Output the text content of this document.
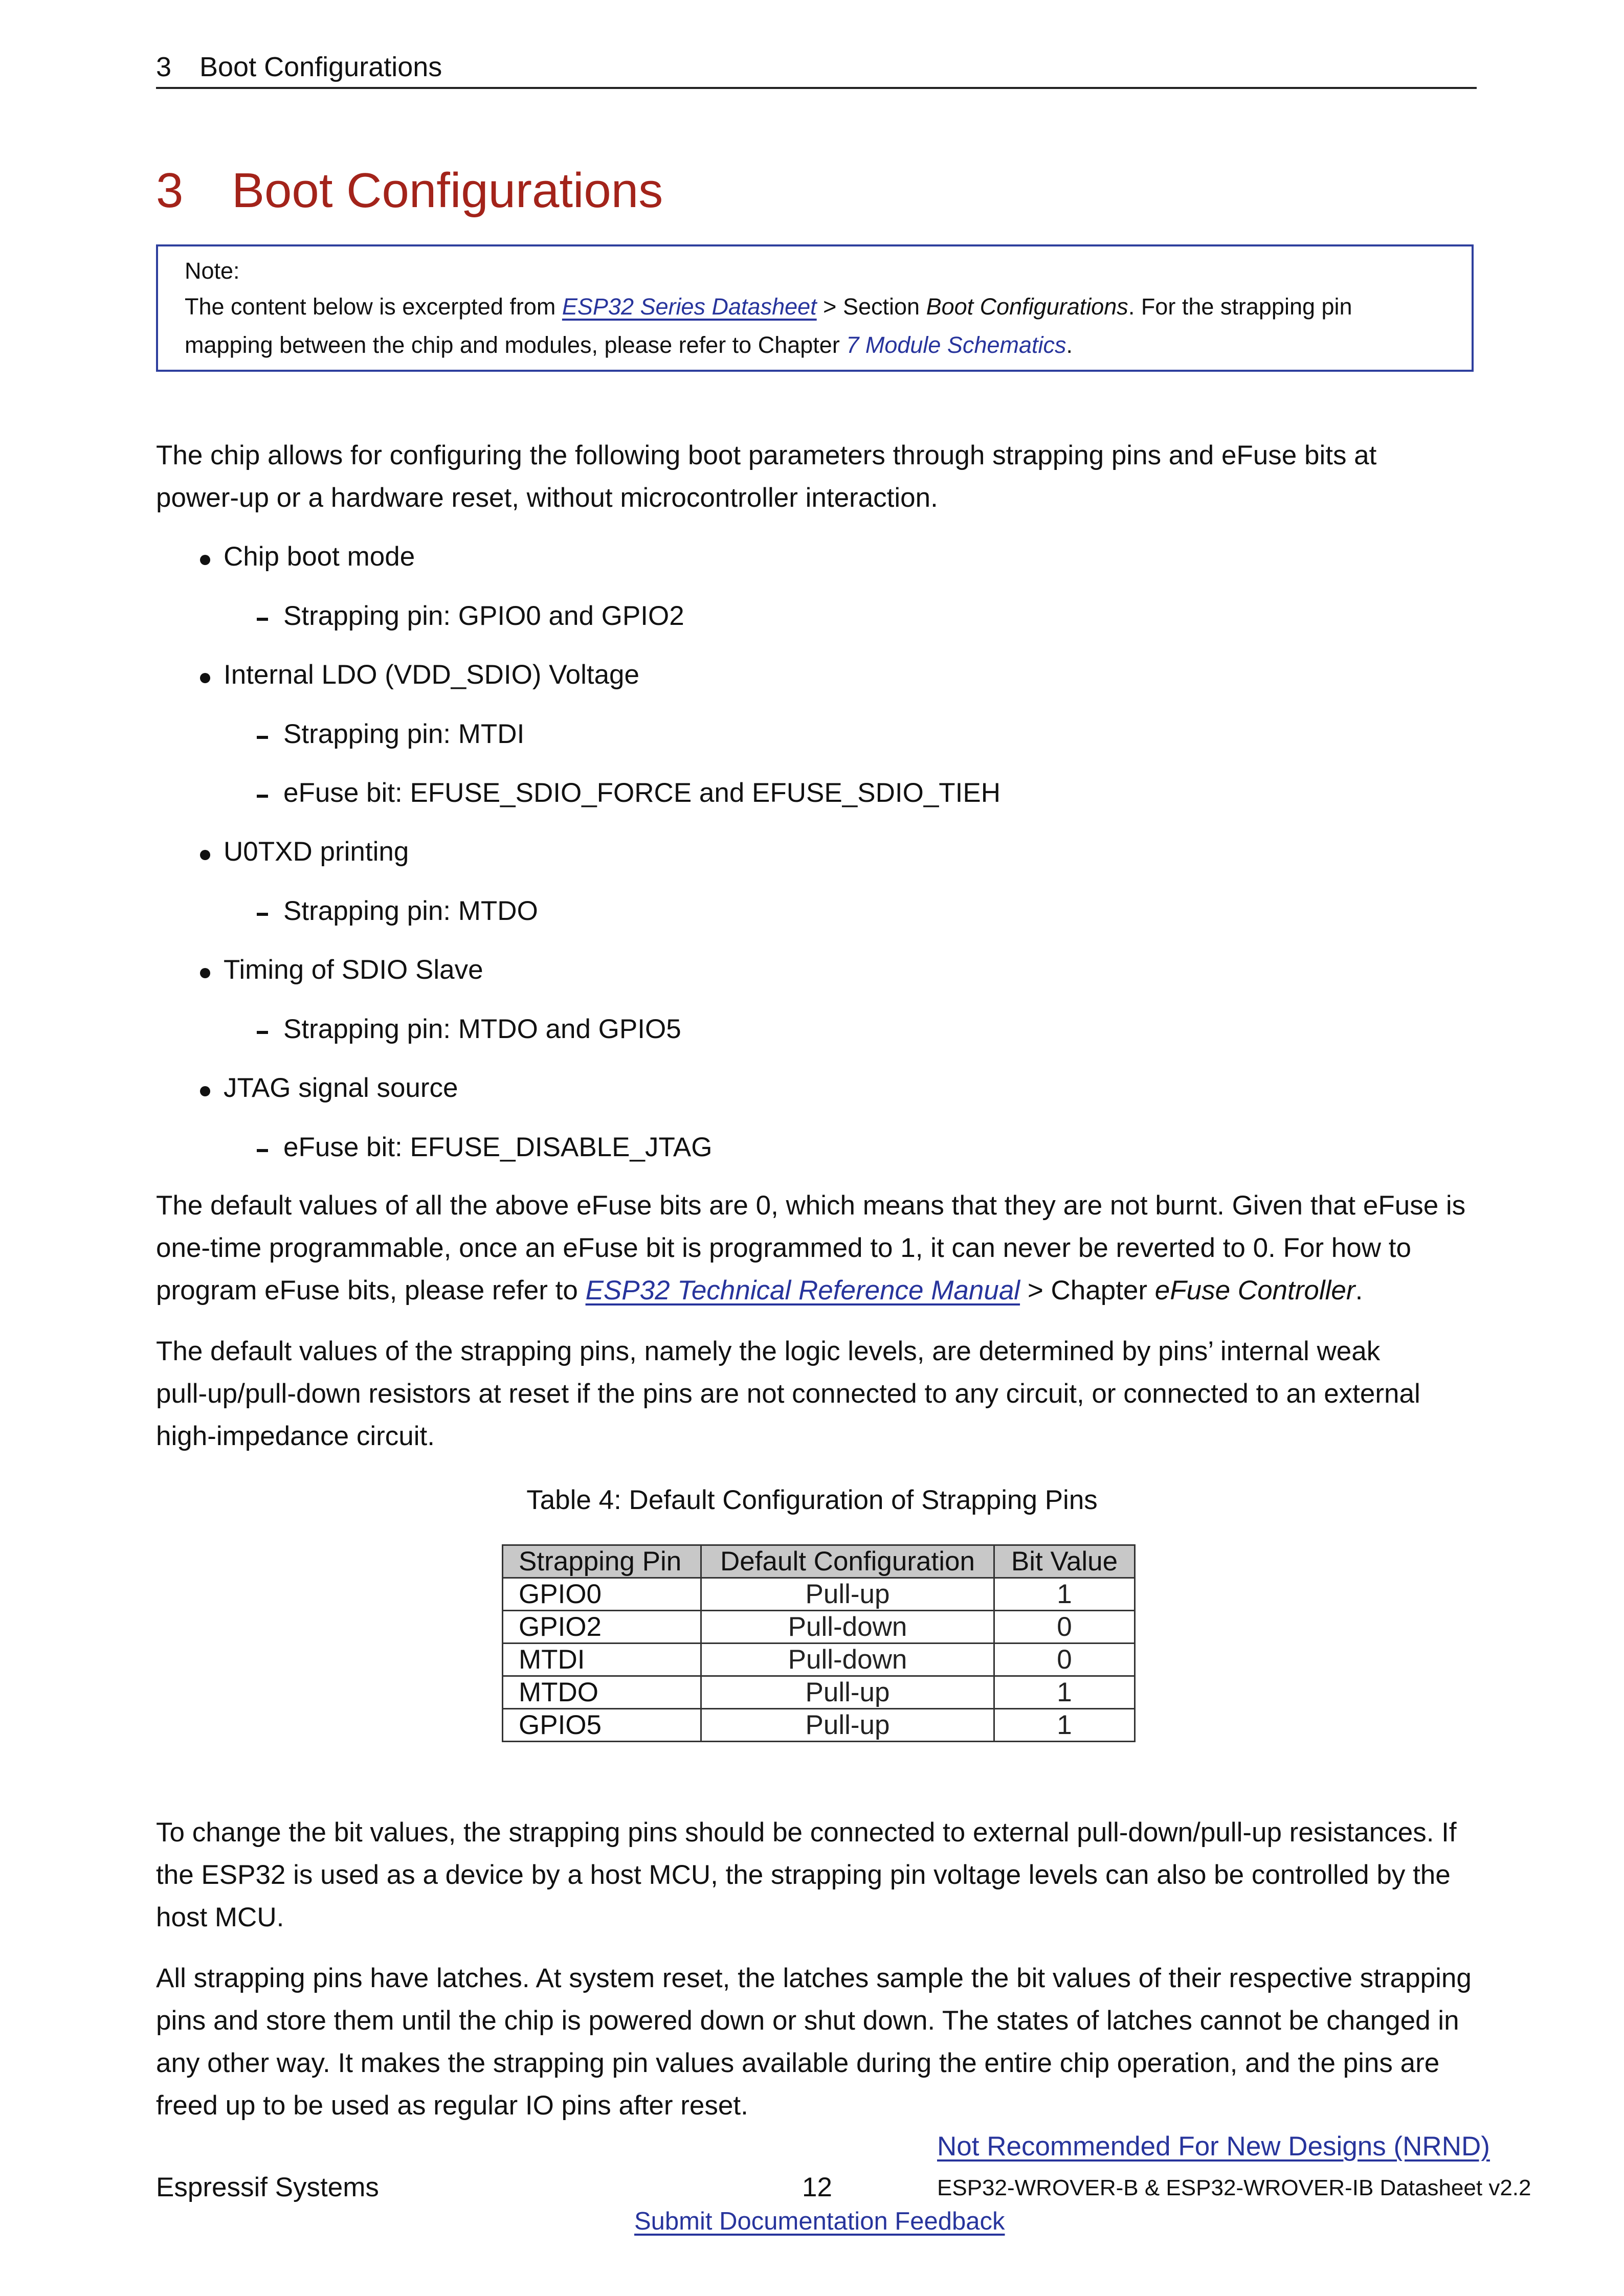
3 Boot Configurations
3 Boot Configurations
Note:
The content below is excerpted from ESP32 Series Datasheet > Section Boot Configurations. For the strapping pin
mapping between the chip and modules, please refer to Chapter 7 Module Schematics.
The chip allows for configuring the following boot parameters through strapping pins and eFuse bits at
power-up or a hardware reset, without microcontroller interaction.
Chip boot mode
Strapping pin: GPIO0 and GPIO2
Internal LDO (VDD_SDIO) Voltage
Strapping pin: MTDI
eFuse bit: EFUSE_SDIO_FORCE and EFUSE_SDIO_TIEH
U0TXD printing
Strapping pin: MTDO
Timing of SDIO Slave
Strapping pin: MTDO and GPIO5
JTAG signal source
eFuse bit: EFUSE_DISABLE_JTAG
The default values of all the above eFuse bits are 0, which means that they are not burnt. Given that eFuse is
one-time programmable, once an eFuse bit is programmed to 1, it can never be reverted to 0. For how to
program eFuse bits, please refer to ESP32 Technical Reference Manual > Chapter eFuse Controller.
The default values of the strapping pins, namely the logic levels, are determined by pins’ internal weak
pull-up/pull-down resistors at reset if the pins are not connected to any circuit, or connected to an external
high-impedance circuit.
Table 4: Default Configuration of Strapping Pins
Strapping Pin	Default Configuration	Bit Value
GPIO0	Pull-up	1
GPIO2	Pull-down	0
MTDI	Pull-down	0
MTDO	Pull-up	1
GPIO5	Pull-up	1
To change the bit values, the strapping pins should be connected to external pull-down/pull-up resistances. If
the ESP32 is used as a device by a host MCU, the strapping pin voltage levels can also be controlled by the
host MCU.
All strapping pins have latches. At system reset, the latches sample the bit values of their respective strapping
pins and store them until the chip is powered down or shut down. The states of latches cannot be changed in
any other way. It makes the strapping pin values available during the entire chip operation, and the pins are
freed up to be used as regular IO pins after reset.
Not Recommended For New Designs (NRND)
Espressif Systems	12	ESP32-WROVER-B & ESP32-WROVER-IB Datasheet v2.2
Submit Documentation Feedback
